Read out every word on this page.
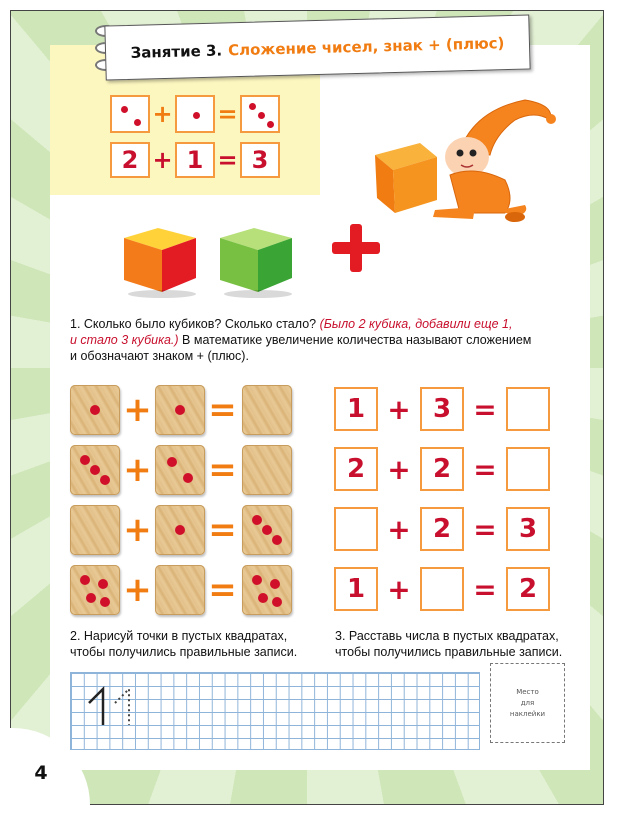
Занятие 3. Сложение чисел, знак + (плюс)
+ =
2 + 1 = 3
1. Сколько было кубиков? Сколько стало? (Было 2 кубика, добавили еще 1,
и стало 3 кубика.) В математике увеличение количества называют сложением
и обозначают знаком + (плюс).
+ =
+ =
+ =
+ =
1 + 3 =
2 + 2 =
+ 2 = 3
1 +	= 2
2. Нарисуй точки в пустых квадратах,
чтобы получились правильные записи.
3. Расставь числа в пустых квадратах,
чтобы получились правильные записи.
Место
для
наклейки
4
